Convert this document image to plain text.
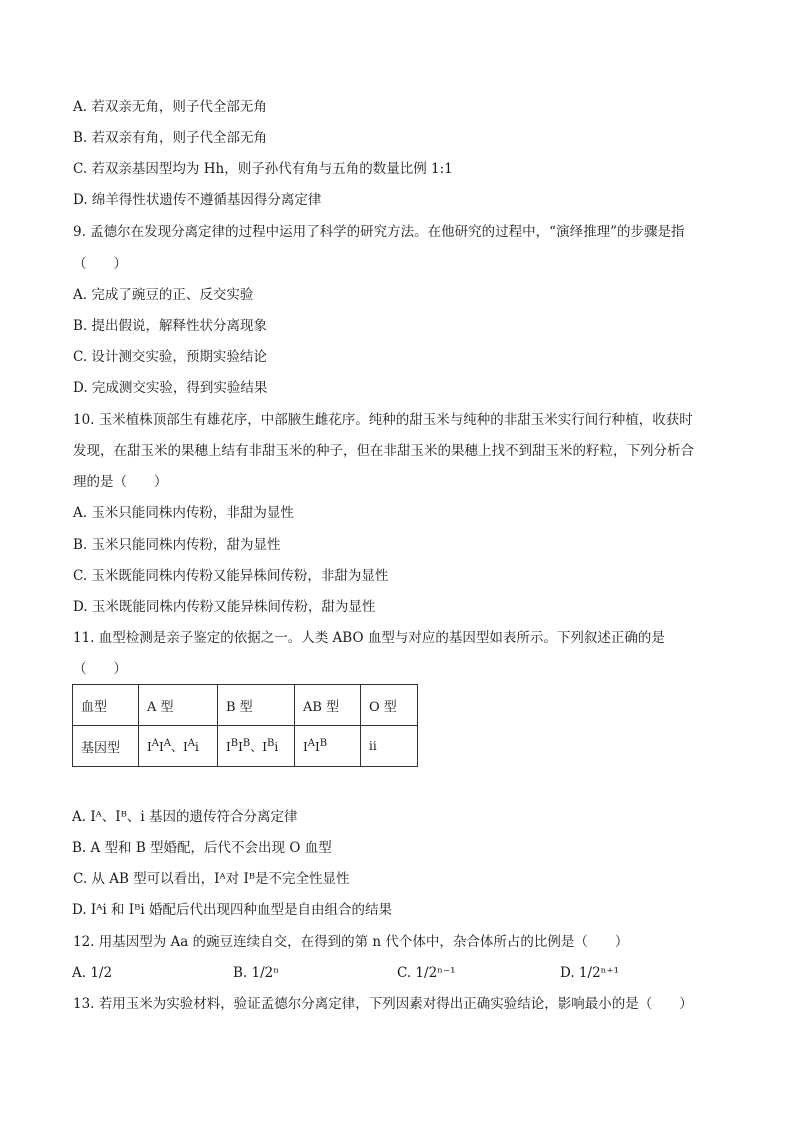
A. 若双亲无角，则子代全部无角
B. 若双亲有角，则子代全部无角
C. 若双亲基因型均为 Hh，则子孙代有角与五角的数量比例 1:1
D. 绵羊得性状遗传不遵循基因得分离定律
9. 孟德尔在发现分离定律的过程中运用了科学的研究方法。在他研究的过程中，“演绎推理”的步骤是指
（　　）
A. 完成了豌豆的正、反交实验
B. 提出假说，解释性状分离现象
C. 设计测交实验，预期实验结论
D. 完成测交实验，得到实验结果
10. 玉米植株顶部生有雄花序，中部腋生雌花序。纯种的甜玉米与纯种的非甜玉米实行间行种植，收获时
发现，在甜玉米的果穗上结有非甜玉米的种子，但在非甜玉米的果穗上找不到甜玉米的籽粒，下列分析合
理的是（　　）
A. 玉米只能同株内传粉，非甜为显性
B. 玉米只能同株内传粉，甜为显性
C. 玉米既能同株内传粉又能异株间传粉，非甜为显性
D. 玉米既能同株内传粉又能异株间传粉，甜为显性
11. 血型检测是亲子鉴定的依据之一。人类 ABO 血型与对应的基因型如表所示。下列叙述正确的是
（　　）
血型	A 型	B 型	AB 型	O 型
基因型	$I^AI^A$、$I^Ai$	$I^BI^B$、$I^Bi$	$I^AI^B$	ii
A. Iᴬ、Iᴮ、i 基因的遗传符合分离定律
B. A 型和 B 型婚配，后代不会出现 O 血型
C. 从 AB 型可以看出，Iᴬ对 Iᴮ是不完全性显性
D. Iᴬi 和 Iᴮi 婚配后代出现四种血型是自由组合的结果
12. 用基因型为 Aa 的豌豆连续自交，在得到的第 n 代个体中，杂合体所占的比例是（　　）
A. 1/2	B. 1/2ⁿ	C. 1/2ⁿ⁻¹	D. 1/2ⁿ⁺¹
13. 若用玉米为实验材料，验证孟德尔分离定律，下列因素对得出正确实验结论，影响最小的是（　　）
